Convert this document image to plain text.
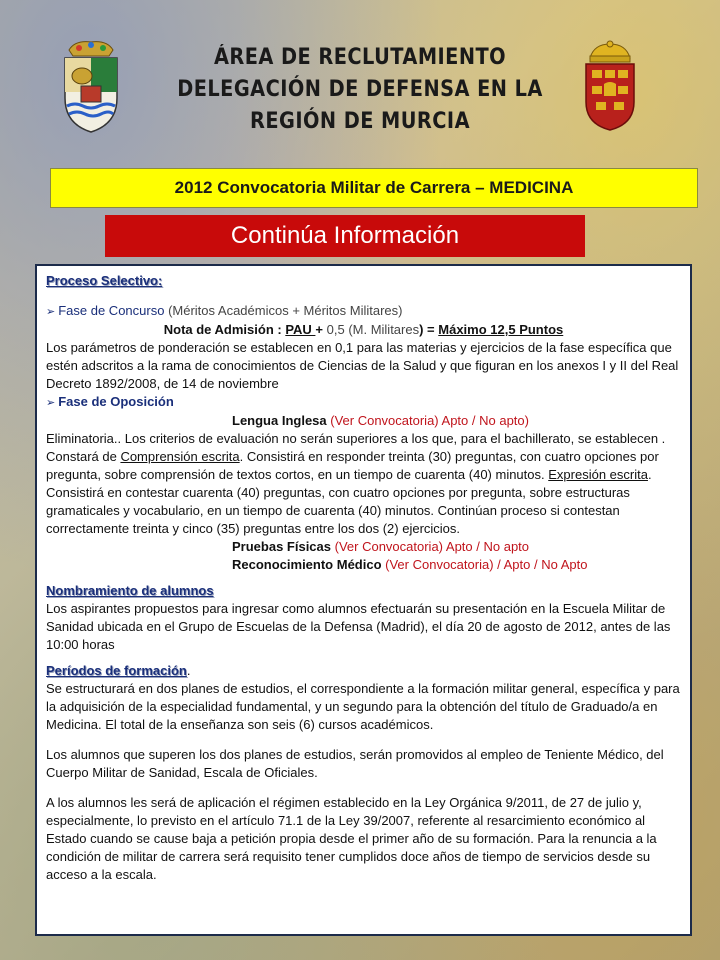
ÁREA DE RECLUTAMIENTO
DELEGACIÓN DE DEFENSA EN LA
REGIÓN DE MURCIA
2012 Convocatoria Militar de Carrera – MEDICINA
Continúa Información

Proceso Selectivo:

➢ Fase de Concurso (Méritos Académicos + Méritos Militares)

Nota de Admisión : PAU + 0,5 (M. Militares) = Máximo 12,5 Puntos

Los parámetros de ponderación se establecen en 0,1 para las materias y ejercicios de la fase específica que estén adscritos a la rama de conocimientos de Ciencias de la Salud y que figuran en los anexos I y II del Real Decreto 1892/2008, de 14 de noviembre

➢ Fase de Oposición

Lengua Inglesa (Ver Convocatoria) Apto / No apto)

Eliminatoria.. Los criterios de evaluación no serán superiores a los que, para el bachillerato, se establecen . Constará de Comprensión escrita. Consistirá en responder treinta (30) preguntas, con cuatro opciones por pregunta, sobre comprensión de textos cortos, en un tiempo de cuarenta (40) minutos. Expresión escrita. Consistirá en contestar cuarenta (40) preguntas, con cuatro opciones por pregunta, sobre estructuras gramaticales y vocabulario, en un tiempo de cuarenta (40) minutos. Continúan proceso si contestan correctamente treinta y cinco (35) preguntas entre los dos (2) ejercicios.

Pruebas Físicas (Ver Convocatoria) Apto / No apto

Reconocimiento Médico (Ver Convocatoria) / Apto / No Apto

Nombramiento de alumnos

Los aspirantes propuestos para ingresar como alumnos efectuarán su presentación en la Escuela Militar de Sanidad ubicada en el Grupo de Escuelas de la Defensa (Madrid), el día 20 de agosto de 2012, antes de las 10:00 horas

Períodos de formación.

Se estructurará en dos planes de estudios, el correspondiente a la formación militar general, específica y para la adquisición de la especialidad fundamental, y un segundo para la obtención del título de Graduado/a en Medicina. El total de la enseñanza son seis (6) cursos académicos.

Los alumnos que superen los dos planes de estudios, serán promovidos al empleo de Teniente Médico, del Cuerpo Militar de Sanidad, Escala de Oficiales.

A los alumnos les será de aplicación el régimen establecido en la Ley Orgánica 9/2011, de 27 de julio y, especialmente, lo previsto en el artículo 71.1 de la Ley 39/2007, referente al resarcimiento económico al Estado cuando se cause baja a petición propia desde el primer año de su formación. Para la renuncia a la condición de militar de carrera será requisito tener cumplidos doce años de tiempo de servicios desde su acceso a la escala.
